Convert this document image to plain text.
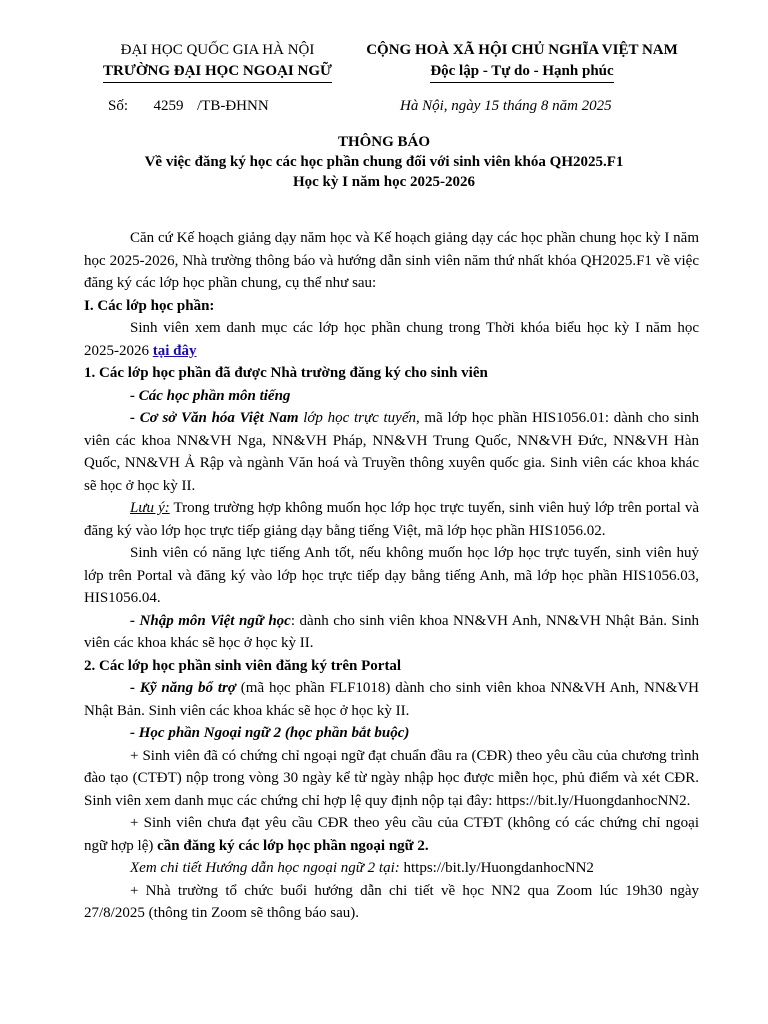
ĐẠI HỌC QUỐC GIA HÀ NỘI
TRƯỜNG ĐẠI HỌC NGOẠI NGỮ
CỘNG HOÀ XÃ HỘI CHỦ NGHĨA VIỆT NAM
Độc lập - Tự do - Hạnh phúc
Số: 4259 /TB-ĐHNN	Hà Nội, ngày 15 tháng 8 năm 2025
THÔNG BÁO
Về việc đăng ký học các học phần chung đối với sinh viên khóa QH2025.F1
Học kỳ I năm học 2025-2026

Căn cứ Kế hoạch giảng dạy năm học và Kế hoạch giảng dạy các học phần chung học kỳ I năm học 2025-2026, Nhà trường thông báo và hướng dẫn sinh viên năm thứ nhất khóa QH2025.F1 về việc đăng ký các lớp học phần chung, cụ thể như sau:

I. Các lớp học phần:

Sinh viên xem danh mục các lớp học phần chung trong Thời khóa biểu học kỳ I năm học 2025-2026 tại đây

1. Các lớp học phần đã được Nhà trường đăng ký cho sinh viên

- Các học phần môn tiếng

- Cơ sở Văn hóa Việt Nam lớp học trực tuyến, mã lớp học phần HIS1056.01: dành cho sinh viên các khoa NN&VH Nga, NN&VH Pháp, NN&VH Trung Quốc, NN&VH Đức, NN&VH Hàn Quốc, NN&VH Ả Rập và ngành Văn hoá và Truyền thông xuyên quốc gia. Sinh viên các khoa khác sẽ học ở học kỳ II.

Lưu ý: Trong trường hợp không muốn học lớp học trực tuyến, sinh viên huỷ lớp trên portal và đăng ký vào lớp học trực tiếp giảng dạy bằng tiếng Việt, mã lớp học phần HIS1056.02.

Sinh viên có năng lực tiếng Anh tốt, nếu không muốn học lớp học trực tuyến, sinh viên huỷ lớp trên Portal và đăng ký vào lớp học trực tiếp dạy bằng tiếng Anh, mã lớp học phần HIS1056.03, HIS1056.04.

- Nhập môn Việt ngữ học: dành cho sinh viên khoa NN&VH Anh, NN&VH Nhật Bản. Sinh viên các khoa khác sẽ học ở học kỳ II.

2. Các lớp học phần sinh viên đăng ký trên Portal

- Kỹ năng bổ trợ (mã học phần FLF1018) dành cho sinh viên khoa NN&VH Anh, NN&VH Nhật Bản. Sinh viên các khoa khác sẽ học ở học kỳ II.

- Học phần Ngoại ngữ 2 (học phần bắt buộc)

+ Sinh viên đã có chứng chỉ ngoại ngữ đạt chuẩn đầu ra (CĐR) theo yêu cầu của chương trình đào tạo (CTĐT) nộp trong vòng 30 ngày kể từ ngày nhập học được miễn học, phủ điểm và xét CĐR. Sinh viên xem danh mục các chứng chỉ hợp lệ quy định nộp tại đây: https://bit.ly/HuongdanhocNN2.

+ Sinh viên chưa đạt yêu cầu CĐR theo yêu cầu của CTĐT (không có các chứng chỉ ngoại ngữ hợp lệ) cần đăng ký các lớp học phần ngoại ngữ 2.

Xem chi tiết Hướng dẫn học ngoại ngữ 2 tại: https://bit.ly/HuongdanhocNN2

+ Nhà trường tổ chức buổi hướng dẫn chi tiết về học NN2 qua Zoom lúc 19h30 ngày 27/8/2025 (thông tin Zoom sẽ thông báo sau).
